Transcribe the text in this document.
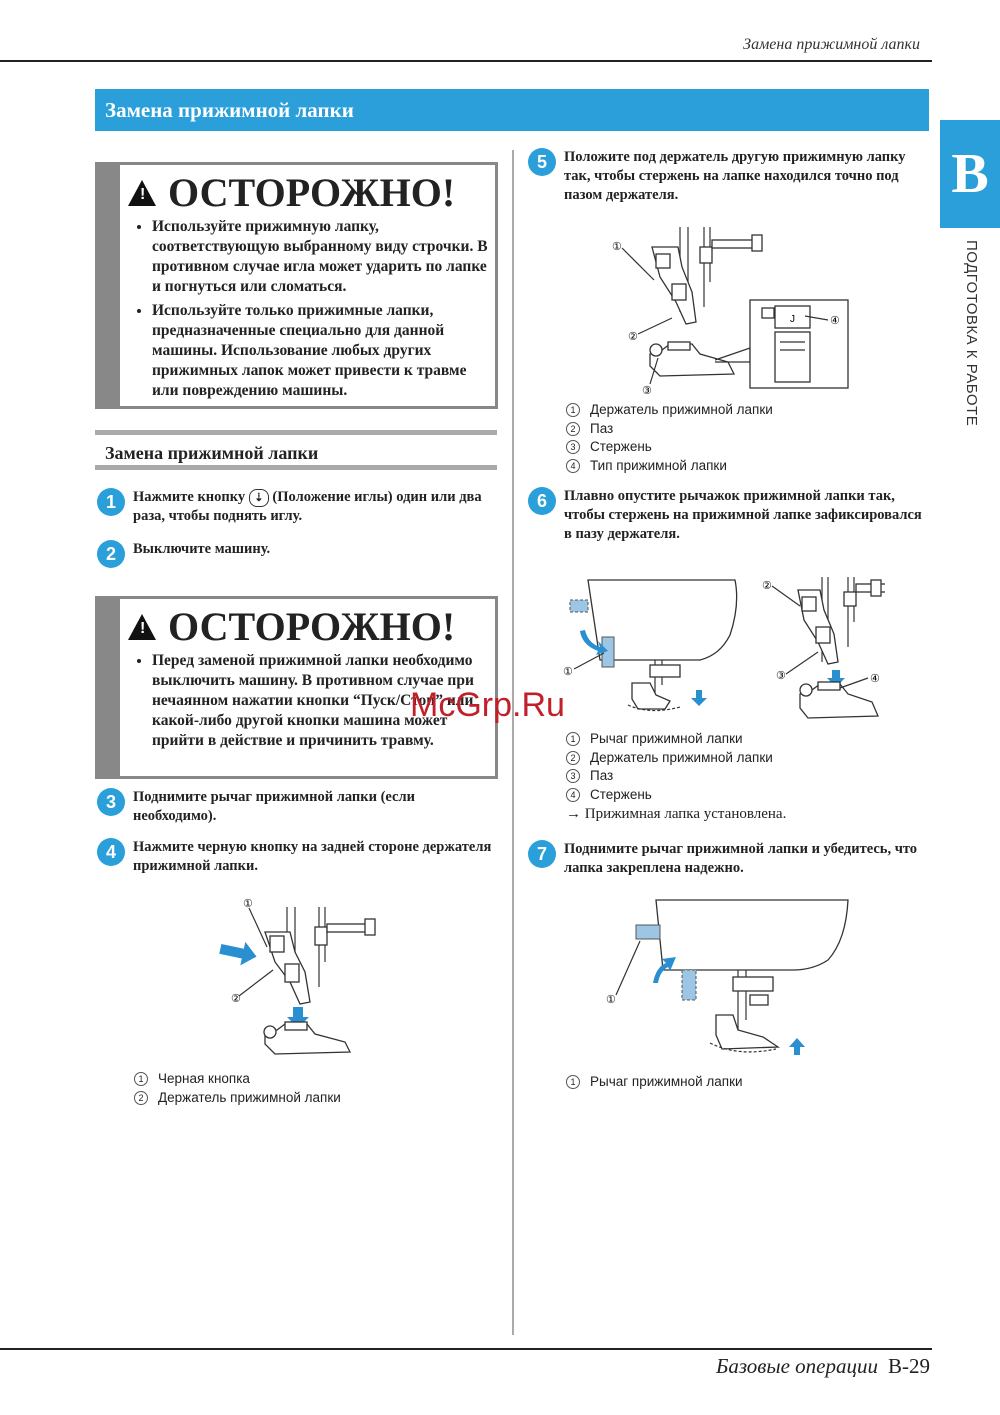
Замена прижимной лапки
Замена прижимной лапки
B
ПОДГОТОВКА К РАБОТЕ
! ОСТОРОЖНО!
• Используйте прижимную лапку, соответствующую выбранному виду строчки. В противном случае игла может ударить по лапке и погнуться или сломаться.
• Используйте только прижимные лапки, предназначенные специально для данной машины. Использование любых других прижимных лапок может привести к травме или повреждению машины.
Замена прижимной лапки
1	Нажмите кнопку ⇣ (Положение иглы) один или два раза, чтобы поднять иглу.
2	Выключите машину.
! ОСТОРОЖНО!
• Перед заменой прижимной лапки необходимо выключить машину. В противном случае при нечаянном нажатии кнопки “Пуск/Стоп” или какой-либо другой кнопки машина может прийти в действие и причинить травму.
3	Поднимите рычаг прижимной лапки (если необходимо).
4	Нажмите черную кнопку на задней стороне держателя прижимной лапки.
①
②
1 Черная кнопка
2 Держатель прижимной лапки
5	Положите под держатель другую прижимную лапку так, чтобы стержень на лапке находился точно под пазом держателя.
J
①
②
③
④
1 Держатель прижимной лапки
2 Паз
3 Стержень
4 Тип прижимной лапки
6	Плавно опустите рычажок прижимной лапки так, чтобы стержень на прижимной лапке зафиксировался в пазу держателя.
①
②
③	④
1 Рычаг прижимной лапки
2 Держатель прижимной лапки
3 Паз
4 Стержень
→ Прижимная лапка установлена.
7	Поднимите рычаг прижимной лапки и убедитесь, что лапка закреплена надежно.
①
1 Рычаг прижимной лапки
McGrp.Ru
Базовые операции B-29
